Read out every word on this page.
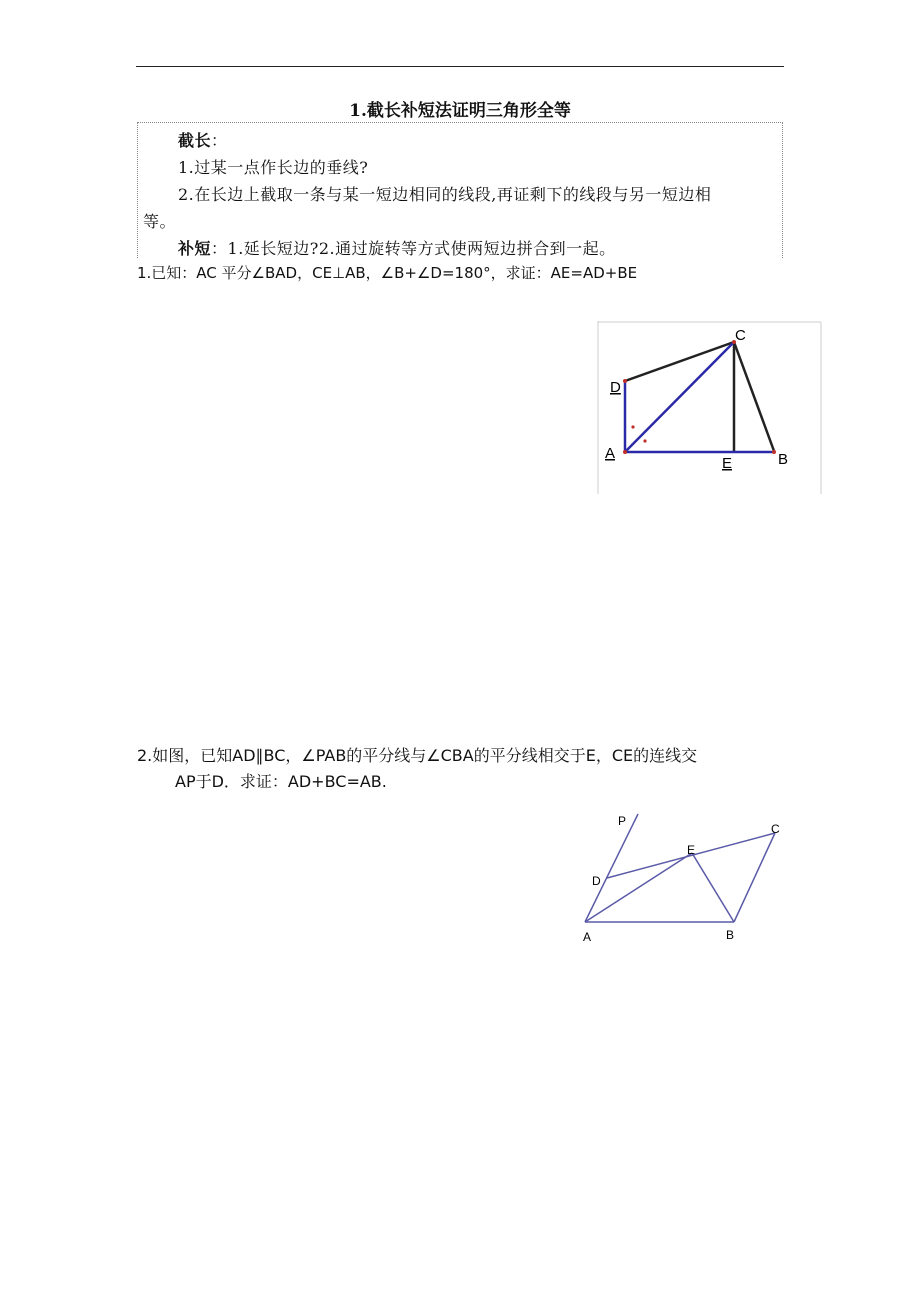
1.截长补短法证明三角形全等
截长：
1.过某一点作长边的垂线?
2.在长边上截取一条与某一短边相同的线段,再证剩下的线段与另一短边相
等。
补短：1.延长短边?2.通过旋转等方式使两短边拼合到一起。
1.已知：AC 平分∠BAD，CE⊥AB，∠B+∠D=180°，求证：AE=AD+BE
C
D
A
E	B
2.如图，已知AD∥BC，∠PAB的平分线与∠CBA的平分线相交于E，CE的连线交
AP于D．求证：AD+BC=AB.
P
E
C
D
A	B
